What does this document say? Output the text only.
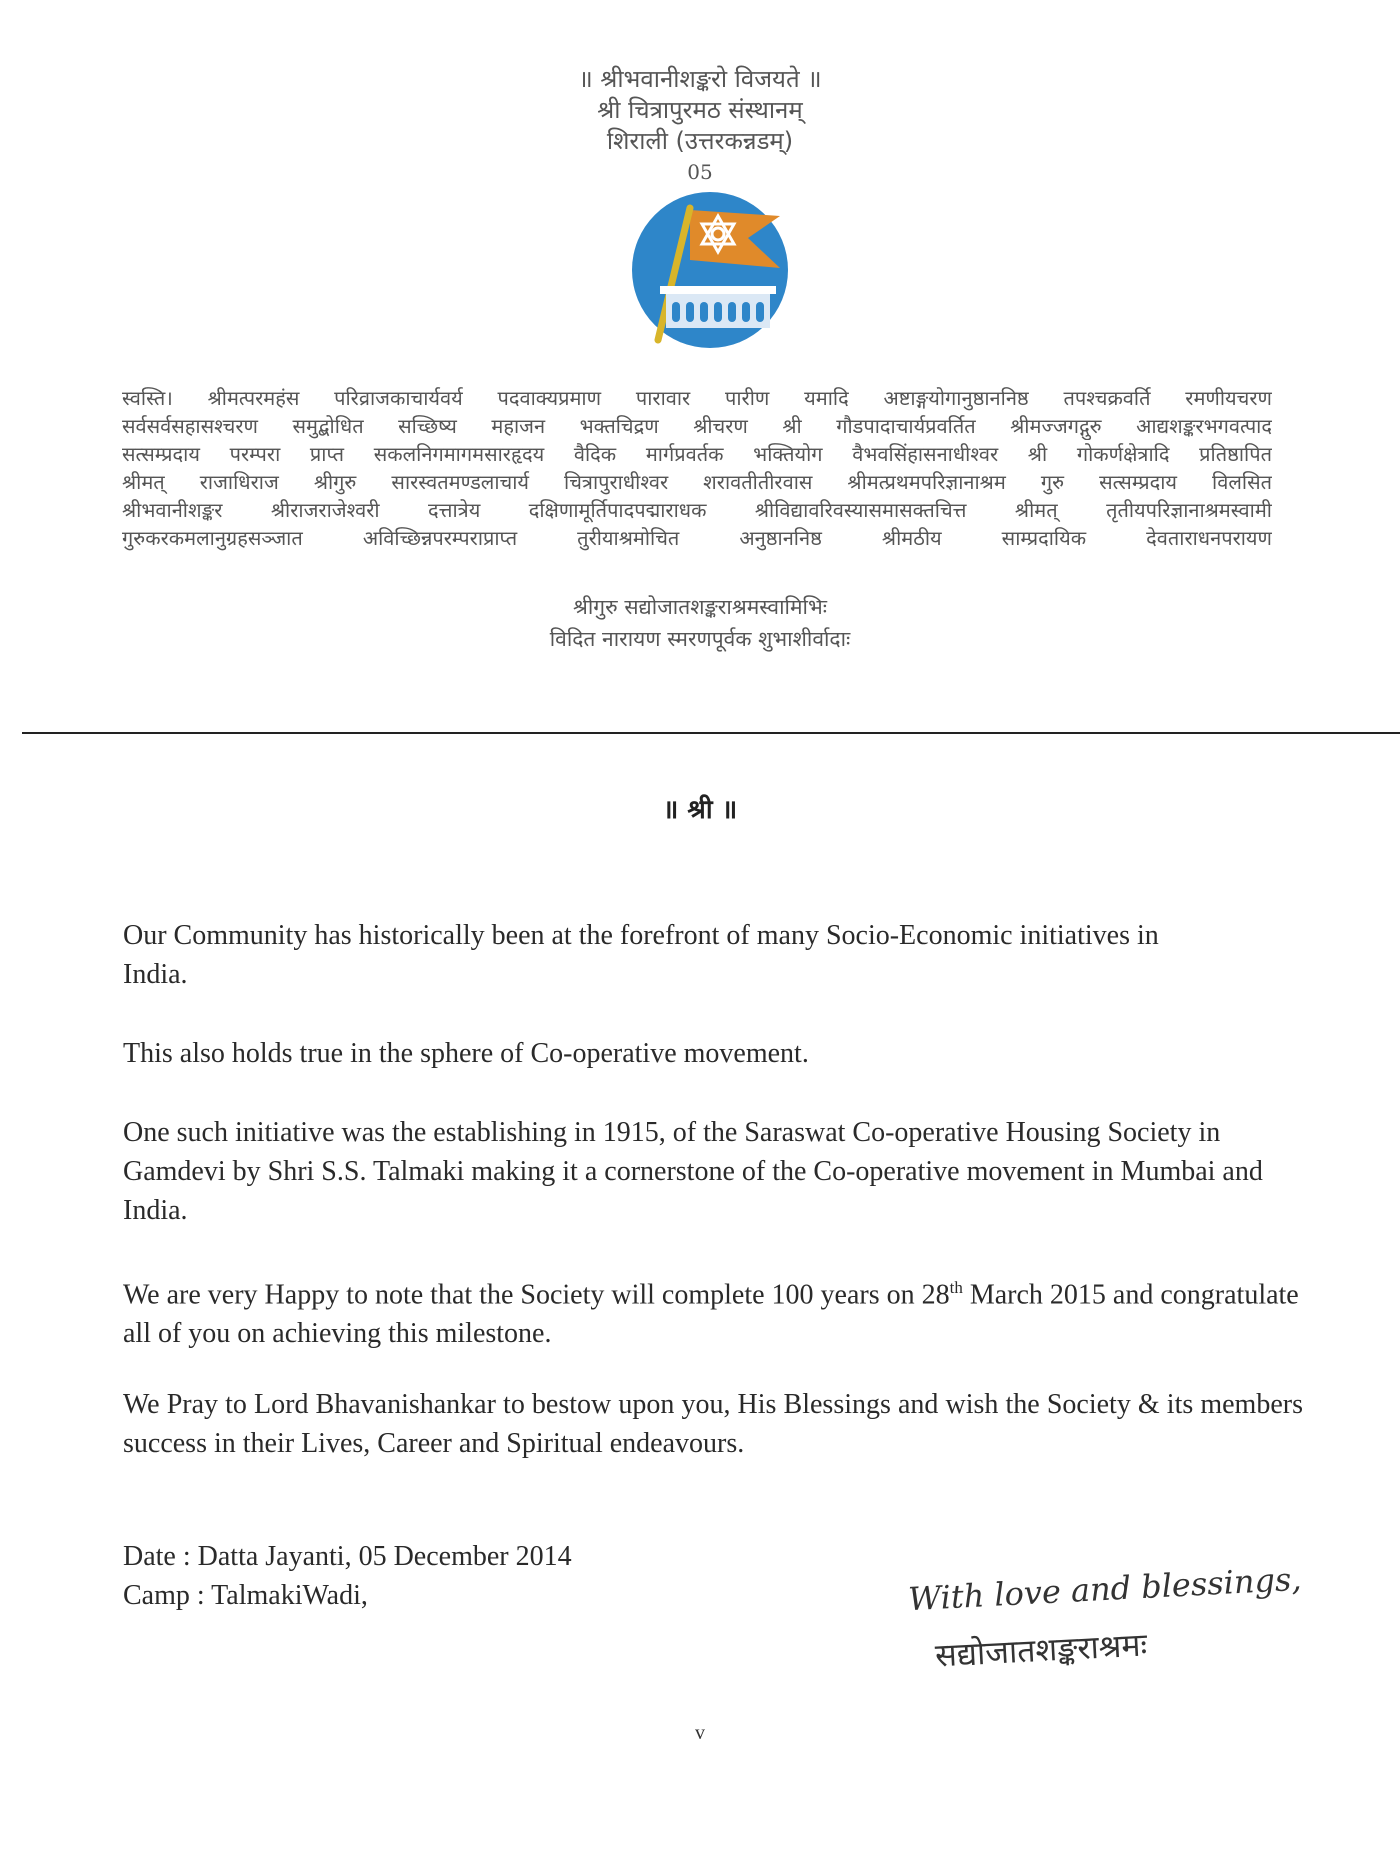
॥ श्रीभवानीशङ्करो विजयते ॥
श्री चित्रापुरमठ संस्थानम्
शिराली (उत्तरकन्नडम्)
05
स्वस्ति। श्रीमत्परमहंस परिव्राजकाचार्यवर्य पदवाक्यप्रमाण पारावार पारीण यमादि अष्टाङ्गयोगानुष्ठाननिष्ठ तपश्चक्रवर्ति रमणीयचरण
सर्वसर्वसहासश्चरण समुद्बोधित सच्छिष्य महाजन भक्तचिद्रण श्रीचरण श्री गौडपादाचार्यप्रवर्तित श्रीमज्जगद्गुरु आद्यशङ्करभगवत्पाद
सत्सम्प्रदाय परम्परा प्राप्त सकलनिगमागमसारहृदय वैदिक मार्गप्रवर्तक भक्तियोग वैभवसिंहासनाधीश्वर श्री गोकर्णक्षेत्रादि प्रतिष्ठापित
श्रीमत् राजाधिराज श्रीगुरु सारस्वतमण्डलाचार्य चित्रापुराधीश्वर शरावतीतीरवास श्रीमत्प्रथमपरिज्ञानाश्रम गुरु सत्सम्प्रदाय विलसित
श्रीभवानीशङ्कर श्रीराजराजेश्वरी दत्तात्रेय दक्षिणामूर्तिपादपद्माराधक श्रीविद्यावरिवस्यासमासक्तचित्त श्रीमत् तृतीयपरिज्ञानाश्रमस्वामी
गुरुकरकमलानुग्रहसञ्जात अविच्छिन्नपरम्पराप्राप्त तुरीयाश्रमोचित अनुष्ठाननिष्ठ श्रीमठीय साम्प्रदायिक देवताराधनपरायण
श्रीगुरु सद्योजातशङ्कराश्रमस्वामिभिः
विदित नारायण स्मरणपूर्वक शुभाशीर्वादाः
॥ श्री ॥
Our Community has historically been at the forefront of many Socio-Economic initiatives in India.
This also holds true in the sphere of Co-operative movement.
One such initiative was the establishing in 1915, of the Saraswat Co-operative Housing Society in Gamdevi by Shri S.S. Talmaki making it a cornerstone of the Co-operative movement in Mumbai and India.
We are very Happy to note that the Society will complete 100 years on 28th March 2015 and congratulate all of you on achieving this milestone.
We Pray to Lord Bhavanishankar to bestow upon you, His Blessings and wish the Society & its members success in their Lives, Career and Spiritual endeavours.
Date : Datta Jayanti, 05 December 2014
Camp : TalmakiWadi,	With love and blessings,
सद्योजातशङ्कराश्रमः
v
